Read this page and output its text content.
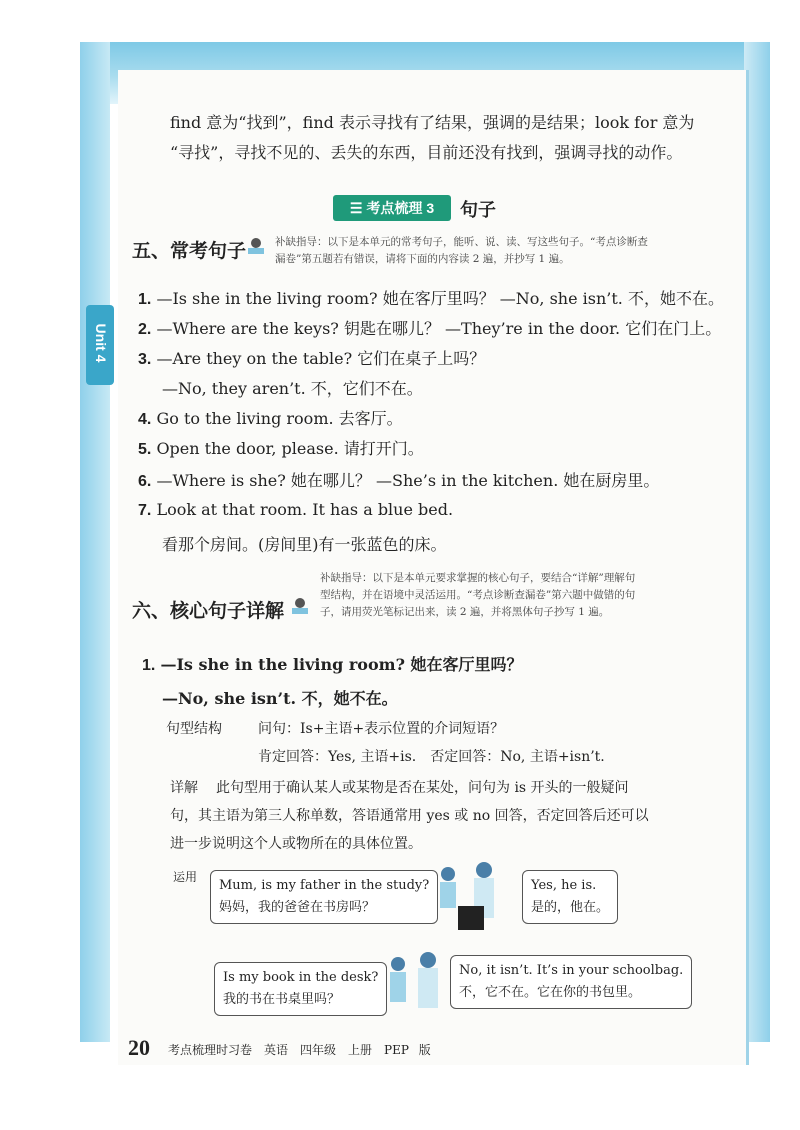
Unit 4
find 意为“找到”，find 表示寻找有了结果，强调的是结果；look for 意为
“寻找”，寻找不见的、丢失的东西，目前还没有找到，强调寻找的动作。
☰ 考点梳理 3 句子
五、常考句子	补缺指导：以下是本单元的常考句子，能听、说、读、写这些句子。“考点诊断查
漏卷”第五题若有错误，请将下面的内容读 2 遍，并抄写 1 遍。
1. —Is she in the living room? 她在客厅里吗？ —No, she isn’t. 不，她不在。
2. —Where are the keys? 钥匙在哪儿？ —They’re in the door. 它们在门上。
3. —Are they on the table? 它们在桌子上吗？
—No, they aren’t. 不，它们不在。
4. Go to the living room. 去客厅。
5. Open the door, please. 请打开门。
6. —Where is she? 她在哪儿？ —She’s in the kitchen. 她在厨房里。
7. Look at that room. It has a blue bed.
看那个房间。(房间里)有一张蓝色的床。
六、核心句子详解
补缺指导：以下是本单元要求掌握的核心句子，要结合“详解”理解句
型结构，并在语境中灵活运用。“考点诊断查漏卷”第六题中做错的句
子，请用荧光笔标记出来，读 2 遍，并将黑体句子抄写 1 遍。
1. —Is she in the living room? 她在客厅里吗？
—No, she isn’t. 不，她不在。
句型结构	问句：Is+主语+表示位置的介词短语？
肯定回答：Yes, 主语+is.　否定回答：No, 主语+isn’t.
详解 此句型用于确认某人或某物是否在某处，问句为 is 开头的一般疑问
句，其主语为第三人称单数，答语通常用 yes 或 no 回答，否定回答后还可以
进一步说明这个人或物所在的具体位置。
运用
Mum, is my father in the study?
妈妈，我的爸爸在书房吗？
Yes, he is.
是的，他在。
Is my book in the desk?
我的书在书桌里吗？
No, it isn’t. It’s in your schoolbag.
不，它不在。它在你的书包里。
20 考点梳理时习卷　英语　四年级　上册　PEP 版
